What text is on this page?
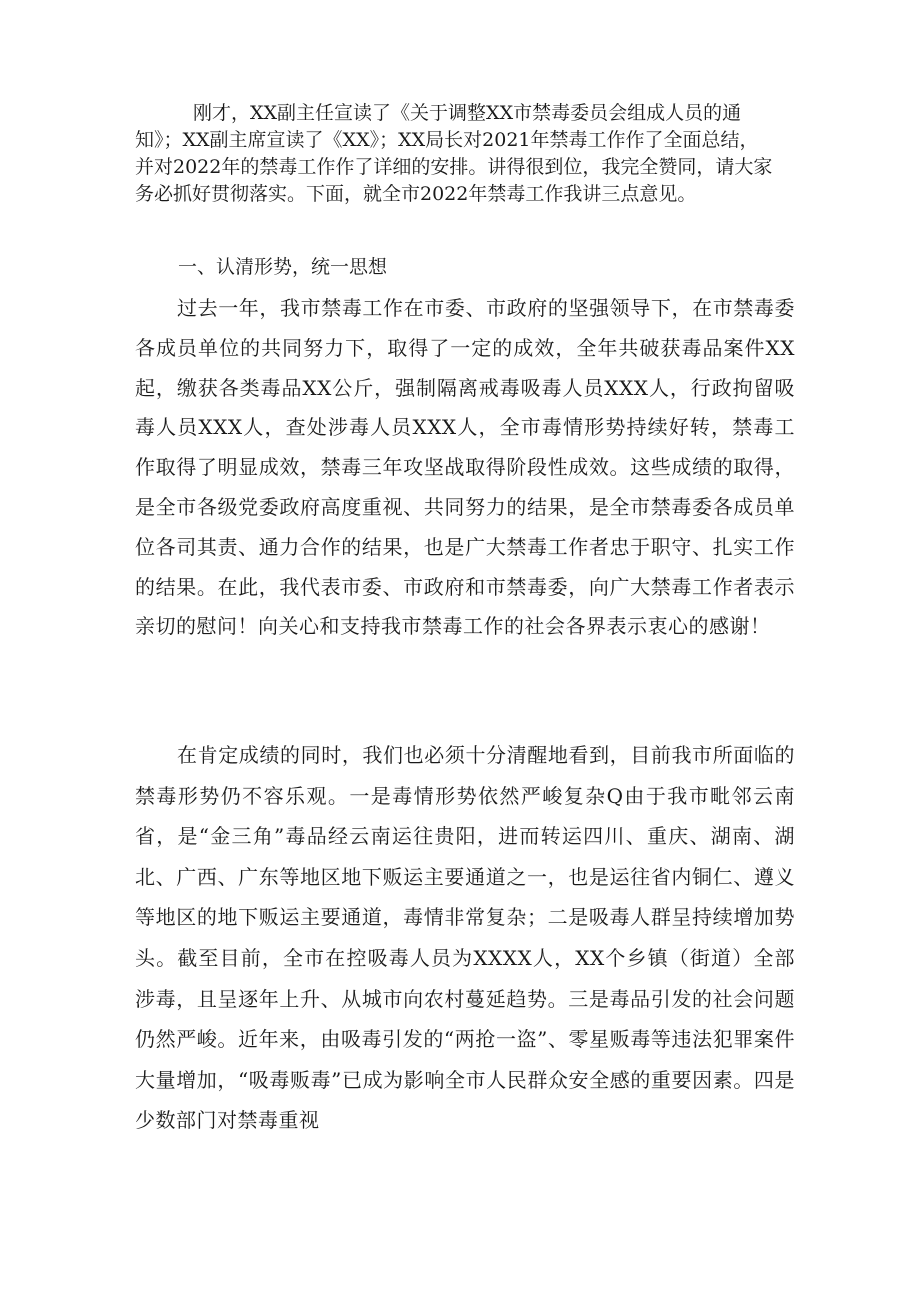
刚才，XX副主任宣读了《关于调整XX市禁毒委员会组成人员的通知》；XX副主席宣读了《XX》；XX局长对2021年禁毒工作作了全面总结，并对2022年的禁毒工作作了详细的安排。讲得很到位，我完全赞同，请大家务必抓好贯彻落实。下面，就全市2022年禁毒工作我讲三点意见。

一、认清形势，统一思想

过去一年，我市禁毒工作在市委、市政府的坚强领导下，在市禁毒委各成员单位的共同努力下，取得了一定的成效，全年共破获毒品案件XX起，缴获各类毒品XX公斤，强制隔离戒毒吸毒人员XXX人，行政拘留吸毒人员XXX人，查处涉毒人员XXX人，全市毒情形势持续好转，禁毒工作取得了明显成效，禁毒三年攻坚战取得阶段性成效。这些成绩的取得，是全市各级党委政府高度重视、共同努力的结果，是全市禁毒委各成员单位各司其责、通力合作的结果，也是广大禁毒工作者忠于职守、扎实工作的结果。在此，我代表市委、市政府和市禁毒委，向广大禁毒工作者表示亲切的慰问！向关心和支持我市禁毒工作的社会各界表示衷心的感谢！

在肯定成绩的同时，我们也必须十分清醒地看到，目前我市所面临的禁毒形势仍不容乐观。一是毒情形势依然严峻复杂Q由于我市毗邻云南省，是“金三角”毒品经云南运往贵阳，进而转运四川、重庆、湖南、湖北、广西、广东等地区地下贩运主要通道之一，也是运往省内铜仁、遵义等地区的地下贩运主要通道，毒情非常复杂；二是吸毒人群呈持续增加势头。截至目前，全市在控吸毒人员为XXXX人，XX个乡镇（街道）全部涉毒，且呈逐年上升、从城市向农村蔓延趋势。三是毒品引发的社会问题仍然严峻。近年来，由吸毒引发的“两抢一盗”、零星贩毒等违法犯罪案件大量增加，“吸毒贩毒”已成为影响全市人民群众安全感的重要因素。四是少数部门对禁毒重视
